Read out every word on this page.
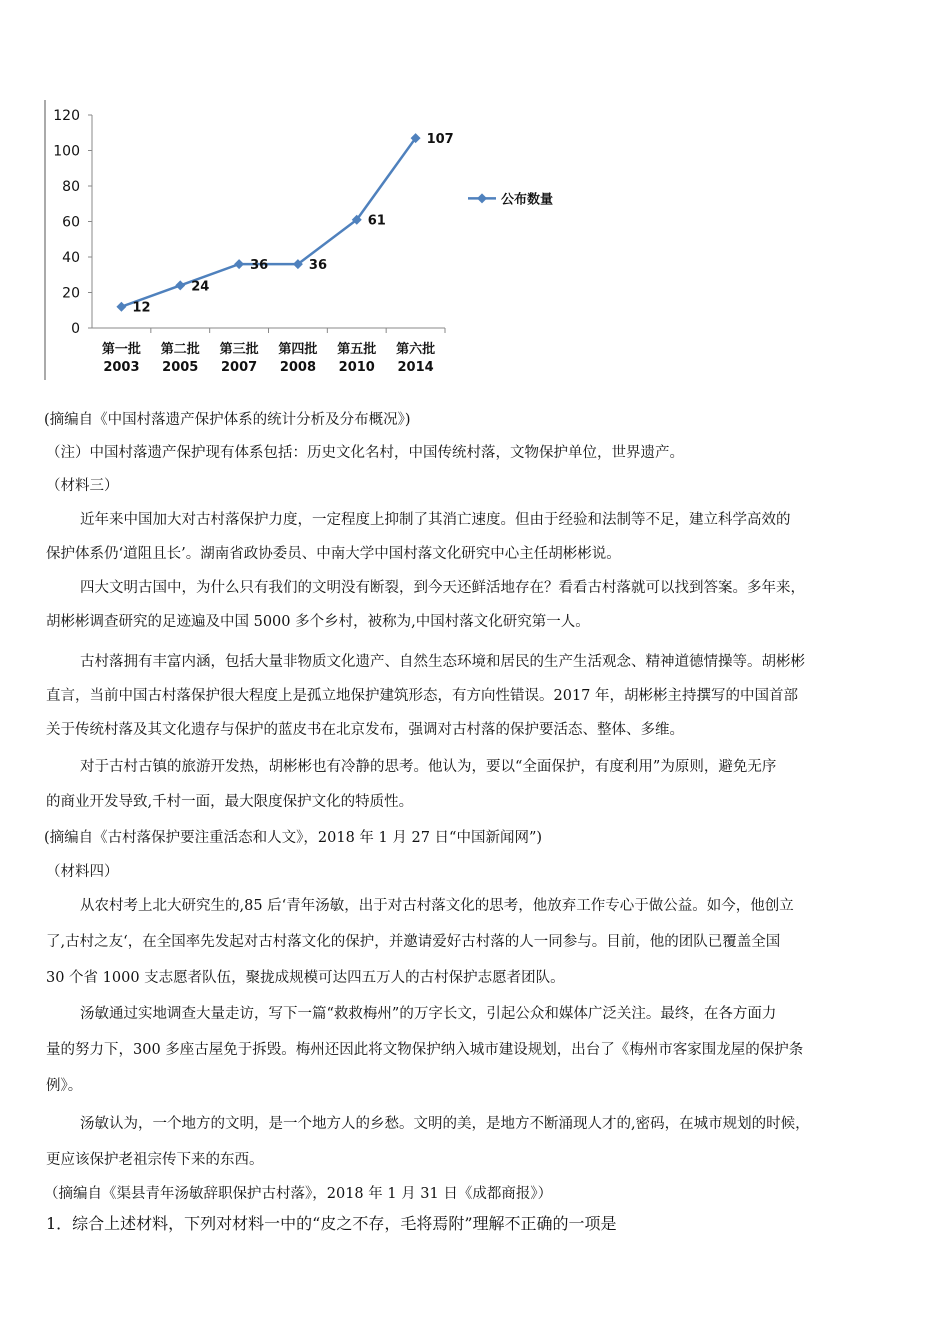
0
20
40
60
80
100
120
第一批
2003
第二批
2005
第三批
2007
第四批
2008
第五批
2010
第六批
2014
12
24
36	36
61
107
公布数量
(摘编自《中国村落遗产保护体系的统计分析及分布概况》)
（注）中国村落遗产保护现有体系包括：历史文化名村，中国传统村落，文物保护单位，世界遗产。
（材料三）
近年来中国加大对古村落保护力度，一定程度上抑制了其消亡速度。但由于经验和法制等不足，建立科学高效的
保护体系仍‘道阻且长’。湖南省政协委员、中南大学中国村落文化研究中心主任胡彬彬说。
四大文明古国中，为什么只有我们的文明没有断裂，到今天还鲜活地存在？看看古村落就可以找到答案。多年来，
胡彬彬调查研究的足迹遍及中国 5000 多个乡村，被称为,中国村落文化研究第一人。
古村落拥有丰富内涵，包括大量非物质文化遗产、自然生态环境和居民的生产生活观念、精神道德情操等。胡彬彬
直言，当前中国古村落保护很大程度上是孤立地保护建筑形态，有方向性错误。2017 年，胡彬彬主持撰写的中国首部
关于传统村落及其文化遗存与保护的蓝皮书在北京发布，强调对古村落的保护要活态、整体、多维。
对于古村古镇的旅游开发热，胡彬彬也有冷静的思考。他认为，要以“全面保护，有度利用”为原则，避免无序
的商业开发导致,千村一面，最大限度保护文化的特质性。
(摘编自《古村落保护要注重活态和人文》，2018 年 1 月 27 日“中国新闻网”)
（材料四）
从农村考上北大研究生的,85 后‘青年汤敏，出于对古村落文化的思考，他放弃工作专心于做公益。如今，他创立
了,古村之友‘，在全国率先发起对古村落文化的保护，并邀请爱好古村落的人一同参与。目前，他的团队已覆盖全国
30 个省 1000 支志愿者队伍，聚拢成规模可达四五万人的古村保护志愿者团队。
汤敏通过实地调查大量走访，写下一篇“救救梅州”的万字长文，引起公众和媒体广泛关注。最终，在各方面力
量的努力下，300 多座古屋免于拆毁。梅州还因此将文物保护纳入城市建设规划，出台了《梅州市客家围龙屋的保护条
例》。
汤敏认为，一个地方的文明，是一个地方人的乡愁。文明的美，是地方不断涌现人才的,密码，在城市规划的时候，
更应该保护老祖宗传下来的东西。
（摘编自《渠县青年汤敏辞职保护古村落》，2018 年 1 月 31 日《成都商报》）
1．综合上述材料，下列对材料一中的“皮之不存，毛将焉附”理解不正确的一项是
